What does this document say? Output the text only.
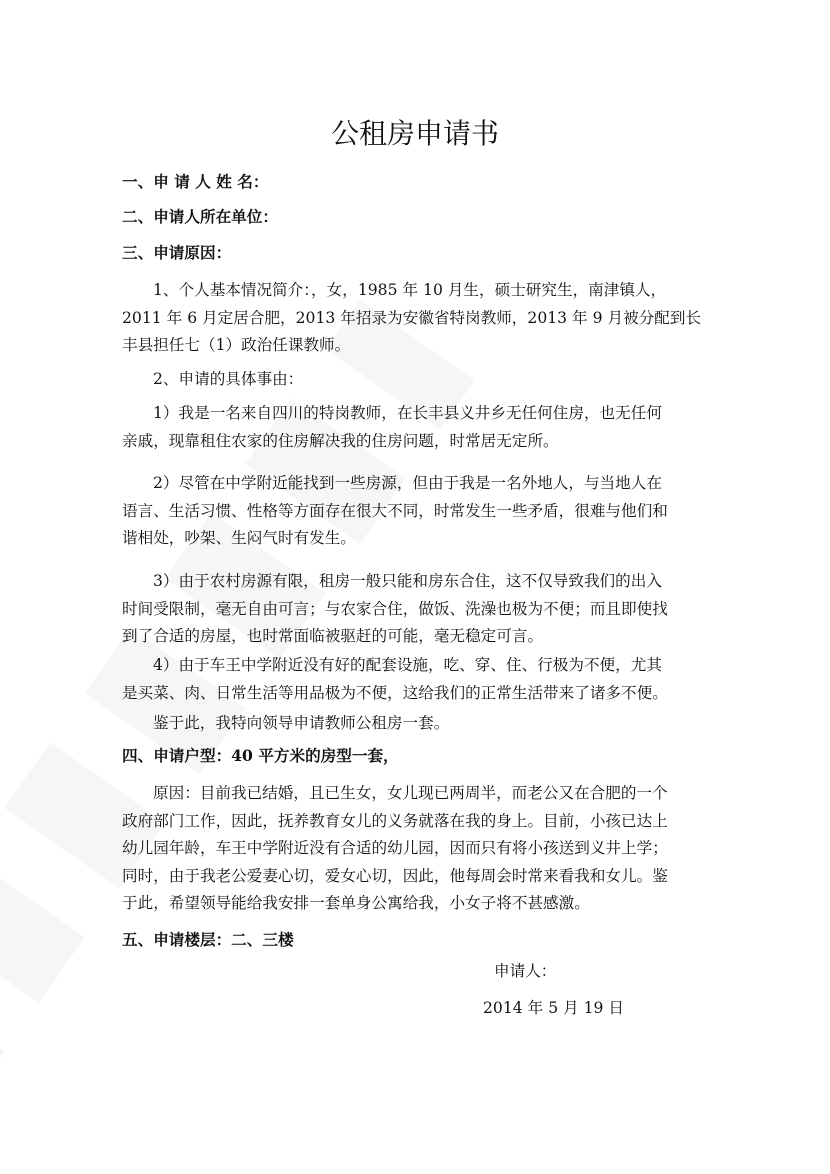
公租房申请书
一、申 请 人 姓 名：
二、申请人所在单位：
三、申请原因：
1、个人基本情况简介：，女，1985 年 10 月生，硕士研究生，南津镇人，
2011 年 6 月定居合肥，2013 年招录为安徽省特岗教师，2013 年 9 月被分配到长
丰县担任七（1）政治任课教师。
2、申请的具体事由：
1）我是一名来自四川的特岗教师，在长丰县义井乡无任何住房，也无任何
亲戚，现靠租住农家的住房解决我的住房问题，时常居无定所。
2）尽管在中学附近能找到一些房源，但由于我是一名外地人，与当地人在
语言、生活习惯、性格等方面存在很大不同，时常发生一些矛盾，很难与他们和
谐相处，吵架、生闷气时有发生。
3）由于农村房源有限，租房一般只能和房东合住，这不仅导致我们的出入
时间受限制，毫无自由可言；与农家合住，做饭、洗澡也极为不便；而且即使找
到了合适的房屋，也时常面临被驱赶的可能，毫无稳定可言。
4）由于车王中学附近没有好的配套设施，吃、穿、住、行极为不便，尤其
是买菜、肉、日常生活等用品极为不便，这给我们的正常生活带来了诸多不便。
鉴于此，我特向领导申请教师公租房一套。
四、申请户型：40 平方米的房型一套，
原因：目前我已结婚，且已生女，女儿现已两周半，而老公又在合肥的一个
政府部门工作，因此，抚养教育女儿的义务就落在我的身上。目前，小孩已达上
幼儿园年龄，车王中学附近没有合适的幼儿园，因而只有将小孩送到义井上学；
同时，由于我老公爱妻心切，爱女心切，因此，他每周会时常来看我和女儿。鉴
于此，希望领导能给我安排一套单身公寓给我，小女子将不甚感激。
五、申请楼层：二、三楼
申请人：
2014 年 5 月 19 日
